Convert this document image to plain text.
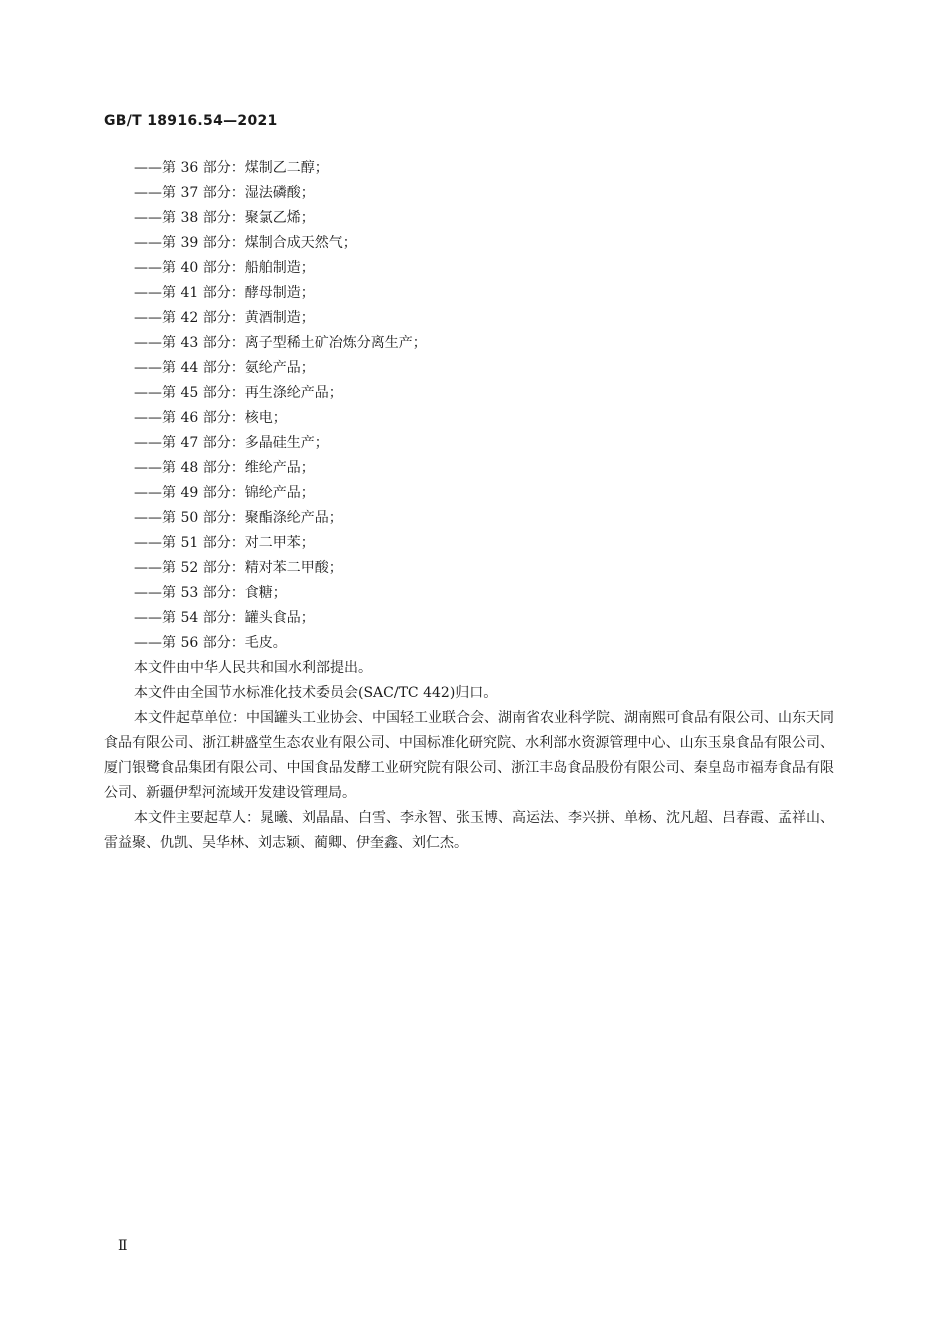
GB/T 18916.54—2021
——第 36 部分：煤制乙二醇；
——第 37 部分：湿法磷酸；
——第 38 部分：聚氯乙烯；
——第 39 部分：煤制合成天然气；
——第 40 部分：船舶制造；
——第 41 部分：酵母制造；
——第 42 部分：黄酒制造；
——第 43 部分：离子型稀土矿冶炼分离生产；
——第 44 部分：氨纶产品；
——第 45 部分：再生涤纶产品；
——第 46 部分：核电；
——第 47 部分：多晶硅生产；
——第 48 部分：维纶产品；
——第 49 部分：锦纶产品；
——第 50 部分：聚酯涤纶产品；
——第 51 部分：对二甲苯；
——第 52 部分：精对苯二甲酸；
——第 53 部分：食糖；
——第 54 部分：罐头食品；
——第 56 部分：毛皮。

本文件由中华人民共和国水利部提出。

本文件由全国节水标准化技术委员会(SAC/TC 442)归口。

本文件起草单位：中国罐头工业协会、中国轻工业联合会、湖南省农业科学院、湖南熙可食品有限公司、山东天同食品有限公司、浙江耕盛堂生态农业有限公司、中国标准化研究院、水利部水资源管理中心、山东玉泉食品有限公司、厦门银鹭食品集团有限公司、中国食品发酵工业研究院有限公司、浙江丰岛食品股份有限公司、秦皇岛市福寿食品有限公司、新疆伊犁河流域开发建设管理局。

本文件主要起草人：晁曦、刘晶晶、白雪、李永智、张玉博、高运法、李兴拼、单杨、沈凡超、吕春霞、孟祥山、雷益聚、仇凯、吴华林、刘志颖、蔺卿、伊奎鑫、刘仁杰。

Ⅱ
